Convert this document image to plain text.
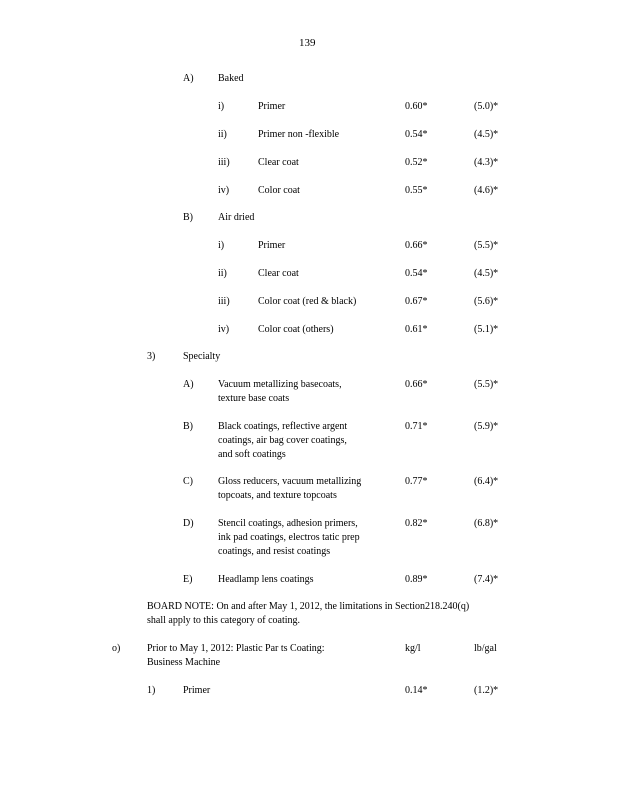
139
A) Baked
i)	Primer	0.60*	(5.0)*
ii)	Primer non -flexible	0.54*	(4.5)*
iii)	Clear coat	0.52*	(4.3)*
iv)	Color coat	0.55*	(4.6)*
B)	Air dried
i)	Primer	0.66*	(5.5)*
ii)	Clear coat	0.54*	(4.5)*
iii)	Color coat (red & black)	0.67*	(5.6)*
iv)	Color coat (others)	0.61*	(5.1)*
3)	Specialty
A) Vacuum metallizing basecoats,
texture base coats
0.66*	(5.5)*
B)	Black coatings, reflective argent
coatings, air bag cover coatings,
and soft coatings
0.71*	(5.9)*
C)	Gloss reducers, vacuum metallizing
topcoats, and texture topcoats
0.77*	(6.4)*
D) Stencil coatings, adhesion primers,
ink pad coatings, electros tatic prep
coatings, and resist coatings
0.82*	(6.8)*
E)	Headlamp lens coatings	0.89*	(7.4)*
BOARD NOTE: On and after May 1, 2012, the limitations in Section218.240(q)
shall apply to this category of coating.
o)	Prior to May 1, 2012: Plastic Par ts Coating:
Business Machine
kg/l	lb/gal
1)	Primer	0.14*	(1.2)*
